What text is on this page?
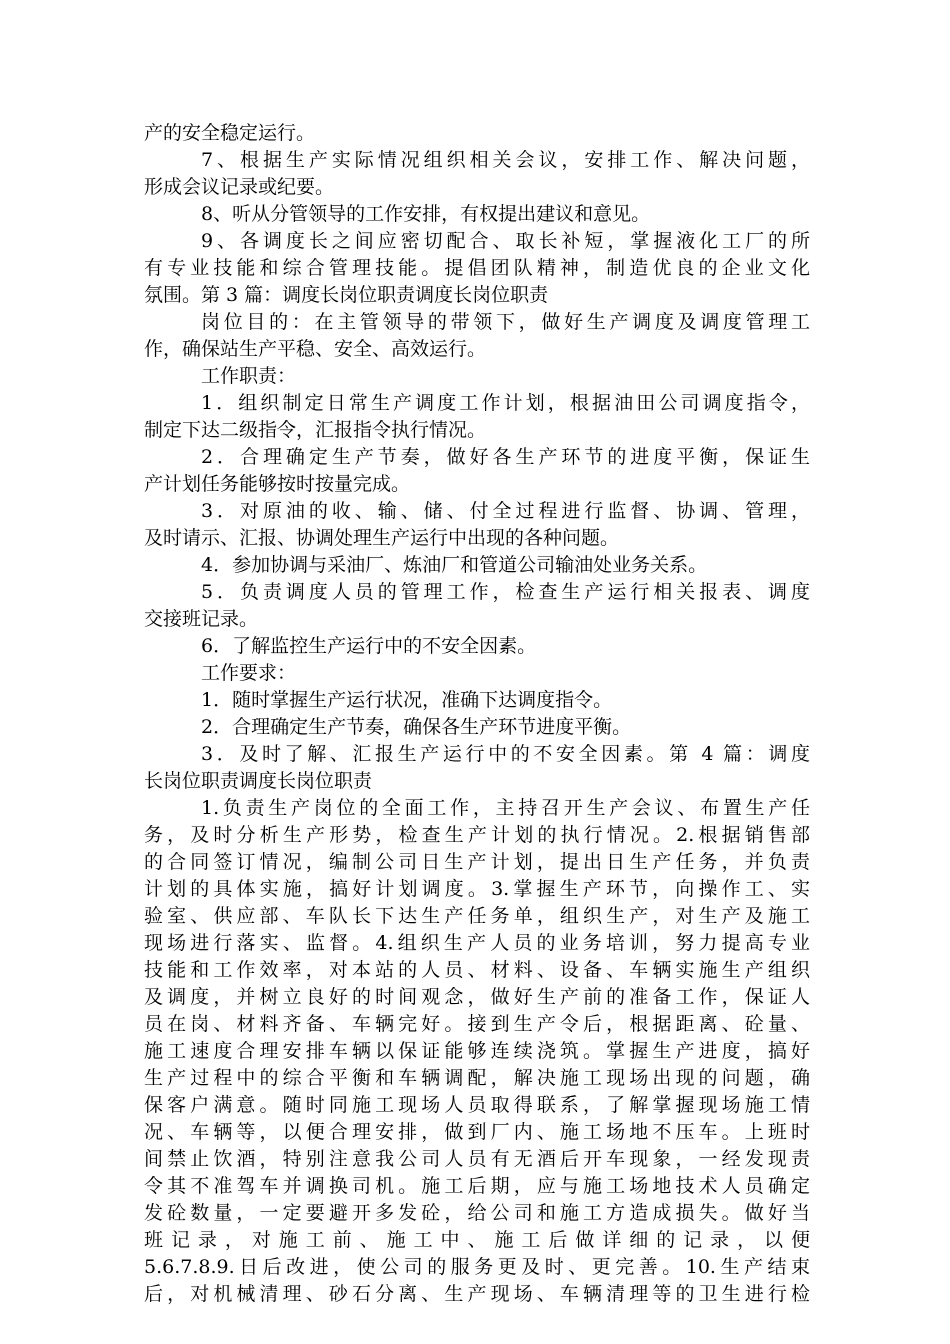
产的安全稳定运行。
7、根据生产实际情况组织相关会议，安排工作、解决问题，
形成会议记录或纪要。
8、听从分管领导的工作安排，有权提出建议和意见。
9、各调度长之间应密切配合、取长补短，掌握液化工厂的所
有专业技能和综合管理技能。提倡团队精神，制造优良的企业文化
氛围。第 3 篇：调度长岗位职责调度长岗位职责
岗位目的：在主管领导的带领下，做好生产调度及调度管理工
作，确保站生产平稳、安全、高效运行。
工作职责：
1．组织制定日常生产调度工作计划，根据油田公司调度指令，
制定下达二级指令，汇报指令执行情况。
2．合理确定生产节奏，做好各生产环节的进度平衡，保证生
产计划任务能够按时按量完成。
3．对原油的收、输、储、付全过程进行监督、协调、管理，
及时请示、汇报、协调处理生产运行中出现的各种问题。
4．参加协调与采油厂、炼油厂和管道公司输油处业务关系。
5．负责调度人员的管理工作，检查生产运行相关报表、调度
交接班记录。
6．了解监控生产运行中的不安全因素。
工作要求：
1．随时掌握生产运行状况，准确下达调度指令。
2．合理确定生产节奏，确保各生产环节进度平衡。
3．及时了解、汇报生产运行中的不安全因素。第 4 篇：调度
长岗位职责调度长岗位职责
1.负责生产岗位的全面工作，主持召开生产会议、布置生产任
务，及时分析生产形势，检查生产计划的执行情况。2.根据销售部
的合同签订情况，编制公司日生产计划，提出日生产任务，并负责
计划的具体实施，搞好计划调度。3.掌握生产环节，向操作工、实
验室、供应部、车队长下达生产任务单，组织生产，对生产及施工
现场进行落实、监督。4.组织生产人员的业务培训，努力提高专业
技能和工作效率，对本站的人员、材料、设备、车辆实施生产组织
及调度，并树立良好的时间观念，做好生产前的准备工作，保证人
员在岗、材料齐备、车辆完好。接到生产令后，根据距离、砼量、
施工速度合理安排车辆以保证能够连续浇筑。掌握生产进度，搞好
生产过程中的综合平衡和车辆调配，解决施工现场出现的问题，确
保客户满意。随时同施工现场人员取得联系，了解掌握现场施工情
况、车辆等，以便合理安排，做到厂内、施工场地不压车。上班时
间禁止饮酒，特别注意我公司人员有无酒后开车现象，一经发现责
令其不准驾车并调换司机。施工后期，应与施工场地技术人员确定
发砼数量，一定要避开多发砼，给公司和施工方造成损失。做好当
班记录，对施工前、施工中、施工后做详细的记录，以便
5.6.7.8.9.日后改进，使公司的服务更及时、更完善。10.生产结束
后，对机械清理、砂石分离、生产现场、车辆清理等的卫生进行检
